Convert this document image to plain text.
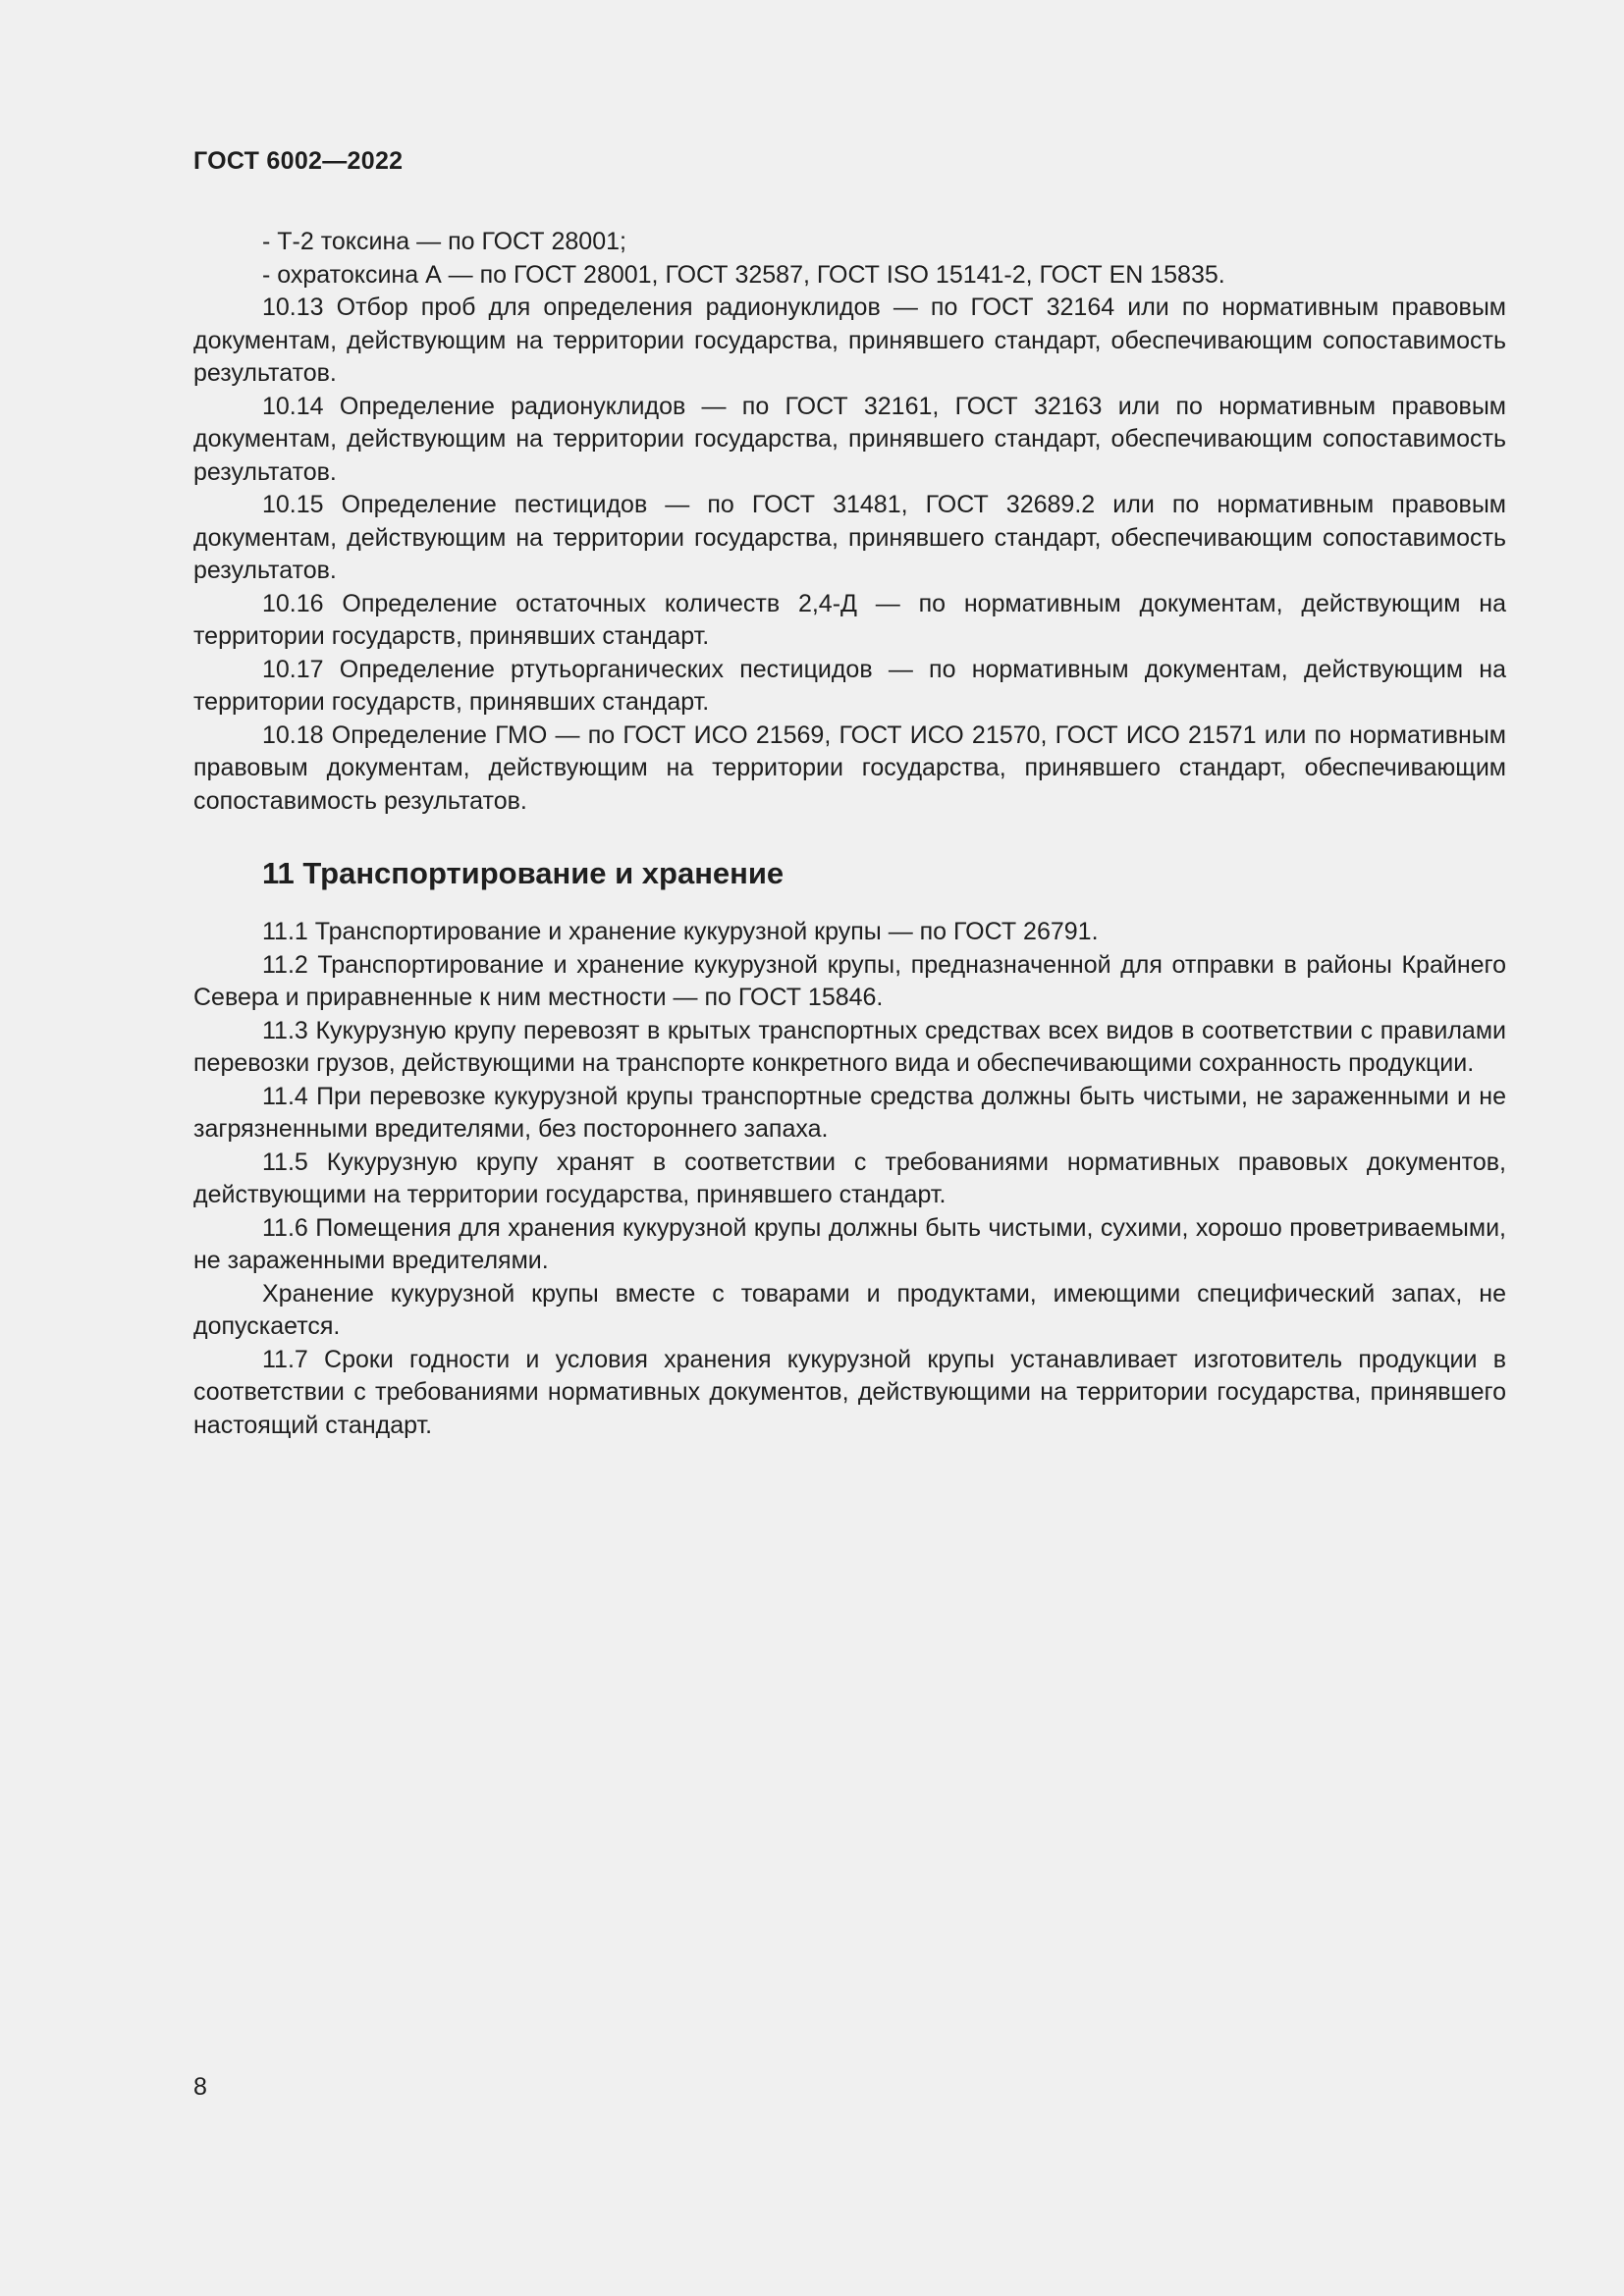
ГОСТ 6002—2022

- Т-2 токсина — по ГОСТ 28001;

- охратоксина А — по ГОСТ 28001, ГОСТ 32587, ГОСТ ISO 15141-2, ГОСТ EN 15835.

10.13 Отбор проб для определения радионуклидов — по ГОСТ 32164 или по нормативным правовым документам, действующим на территории государства, принявшего стандарт, обеспечивающим сопоставимость результатов.

10.14 Определение радионуклидов — по ГОСТ 32161, ГОСТ 32163 или по нормативным правовым документам, действующим на территории государства, принявшего стандарт, обеспечивающим сопоставимость результатов.

10.15 Определение пестицидов — по ГОСТ 31481, ГОСТ 32689.2 или по нормативным правовым документам, действующим на территории государства, принявшего стандарт, обеспечивающим сопоставимость результатов.

10.16 Определение остаточных количеств 2,4-Д — по нормативным документам, действующим на территории государств, принявших стандарт.

10.17 Определение ртутьорганических пестицидов — по нормативным документам, действующим на территории государств, принявших стандарт.

10.18 Определение ГМО — по ГОСТ ИСО 21569, ГОСТ ИСО 21570, ГОСТ ИСО 21571 или по нормативным правовым документам, действующим на территории государства, принявшего стандарт, обеспечивающим сопоставимость результатов.

11 Транспортирование и хранение

11.1 Транспортирование и хранение кукурузной крупы — по ГОСТ 26791.

11.2 Транспортирование и хранение кукурузной крупы, предназначенной для отправки в районы Крайнего Севера и приравненные к ним местности — по ГОСТ 15846.

11.3 Кукурузную крупу перевозят в крытых транспортных средствах всех видов в соответствии с правилами перевозки грузов, действующими на транспорте конкретного вида и обеспечивающими сохранность продукции.

11.4 При перевозке кукурузной крупы транспортные средства должны быть чистыми, не зараженными и не загрязненными вредителями, без постороннего запаха.

11.5 Кукурузную крупу хранят в соответствии с требованиями нормативных правовых документов, действующими на территории государства, принявшего стандарт.

11.6 Помещения для хранения кукурузной крупы должны быть чистыми, сухими, хорошо проветриваемыми, не зараженными вредителями.

Хранение кукурузной крупы вместе с товарами и продуктами, имеющими специфический запах, не допускается.

11.7 Сроки годности и условия хранения кукурузной крупы устанавливает изготовитель продукции в соответствии с требованиями нормативных документов, действующими на территории государства, принявшего настоящий стандарт.

8
